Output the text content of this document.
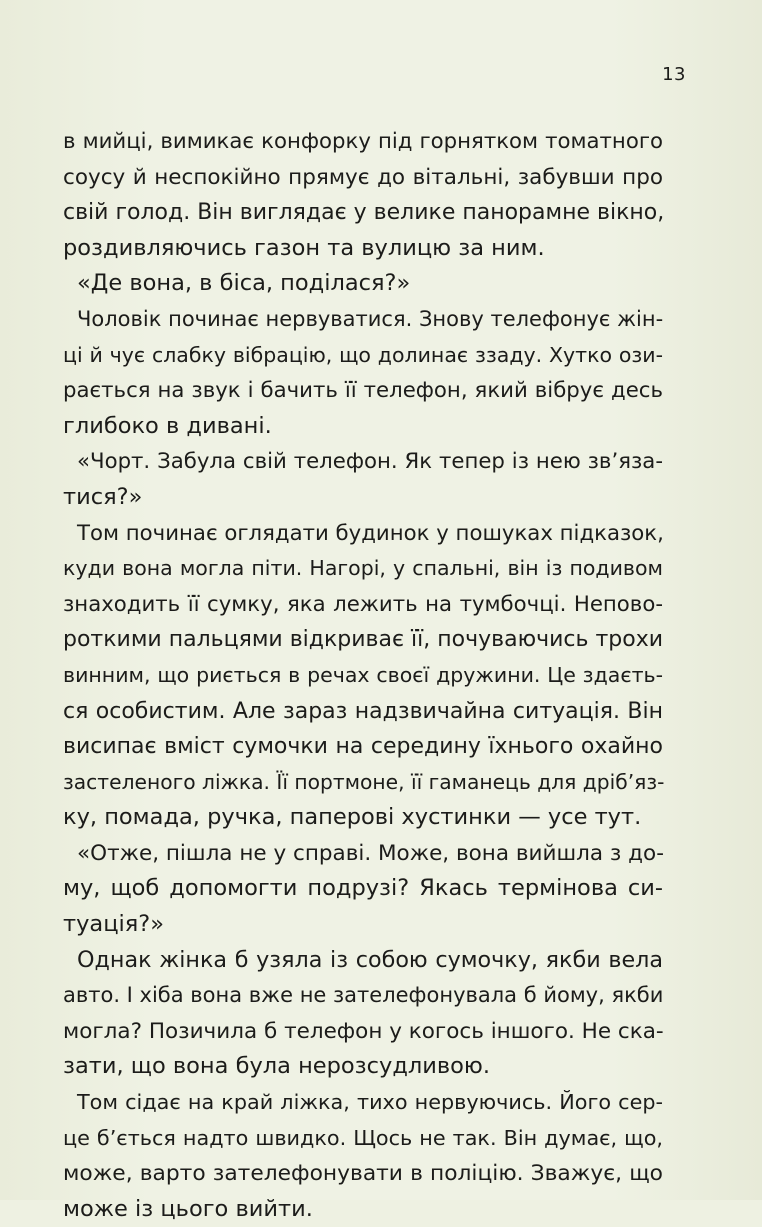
13
в мийці, вимикає конфорку під горнятком томатного
соусу й неспокійно прямує до вітальні, забувши про
свій голод. Він виглядає у велике панорамне вікно,
роздивляючись газон та вулицю за ним.
«Де вона, в біса, поділася?»
Чоловік починає нервуватися. Знову телефонує жін-
ці й чує слабку вібрацію, що долинає ззаду. Хутко ози-
рається на звук і бачить її телефон, який вібрує десь
глибоко в дивані.
«Чорт. Забула свій телефон. Як тепер із нею зв’яза-
тися?»
Том починає оглядати будинок у пошуках підказок,
куди вона могла піти. Нагорі, у спальні, він із подивом
знаходить її сумку, яка лежить на тумбочці. Непово-
роткими пальцями відкриває її, почуваючись трохи
винним, що риється в речах своєї дружини. Це здаєть-
ся особистим. Але зараз надзвичайна ситуація. Він
висипає вміст сумочки на середину їхнього охайно
застеленого ліжка. Її портмоне, її гаманець для дріб’яз-
ку, помада, ручка, паперові хустинки — усе тут.
«Отже, пішла не у справі. Може, вона вийшла з до-
му, щоб допомогти подрузі? Якась термінова си-
туація?»
Однак жінка б узяла із собою сумочку, якби вела
авто. І хіба вона вже не зателефонувала б йому, якби
могла? Позичила б телефон у когось іншого. Не ска-
зати, що вона була нерозсудливою.
Том сідає на край ліжка, тихо нервуючись. Його сер-
це б’ється надто швидко. Щось не так. Він думає, що,
може, варто зателефонувати в поліцію. Зважує, що
може із цього вийти.
